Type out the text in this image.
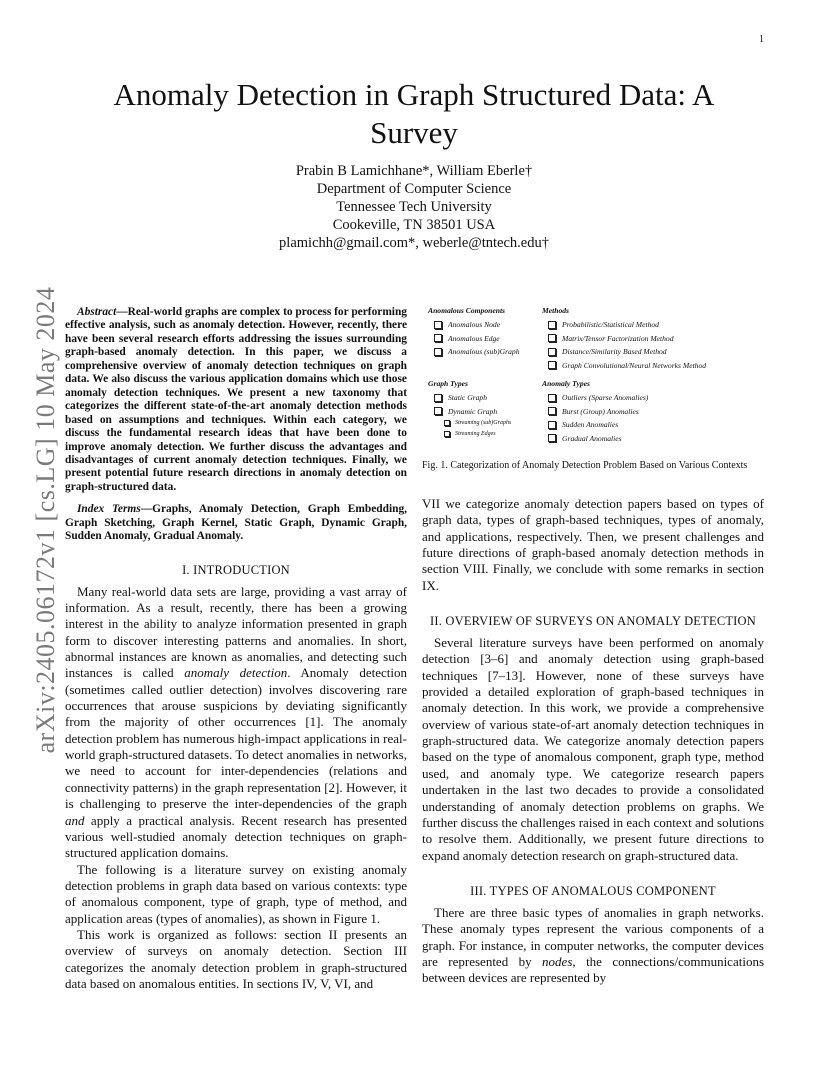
1
arXiv:2405.06172v1 [cs.LG] 10 May 2024
Anomaly Detection in Graph Structured Data: A Survey
Prabin B Lamichhane*, William Eberle†
Department of Computer Science
Tennessee Tech University
Cookeville, TN 38501 USA
plamichh@gmail.com*, weberle@tntech.edu†

Abstract—Real-world graphs are complex to process for performing effective analysis, such as anomaly detection. However, recently, there have been several research efforts addressing the issues surrounding graph-based anomaly detection. In this paper, we discuss a comprehensive overview of anomaly detection techniques on graph data. We also discuss the various application domains which use those anomaly detection techniques. We present a new taxonomy that categorizes the different state-of-the-art anomaly detection methods based on assumptions and techniques. Within each category, we discuss the fundamental research ideas that have been done to improve anomaly detection. We further discuss the advantages and disadvantages of current anomaly detection techniques. Finally, we present potential future research directions in anomaly detection on graph-structured data.

Index Terms—Graphs, Anomaly Detection, Graph Embedding, Graph Sketching, Graph Kernel, Static Graph, Dynamic Graph, Sudden Anomaly, Gradual Anomaly.

I. INTRODUCTION

Many real-world data sets are large, providing a vast array of information. As a result, recently, there has been a growing interest in the ability to analyze information presented in graph form to discover interesting patterns and anomalies. In short, abnormal instances are known as anomalies, and detecting such instances is called anomaly detection. Anomaly detection (sometimes called outlier detection) involves discovering rare occurrences that arouse suspicions by deviating significantly from the majority of other occurrences [1]. The anomaly detection problem has numerous high-impact applications in real-world graph-structured datasets. To detect anomalies in networks, we need to account for inter-dependencies (relations and connectivity patterns) in the graph representation [2]. However, it is challenging to preserve the inter-dependencies of the graph and apply a practical analysis. Recent research has presented various well-studied anomaly detection techniques on graph-structured application domains.

The following is a literature survey on existing anomaly detection problems in graph data based on various contexts: type of anomalous component, type of graph, type of method, and application areas (types of anomalies), as shown in Figure 1.

This work is organized as follows: section II presents an overview of surveys on anomaly detection. Section III categorizes the anomaly detection problem in graph-structured data based on anomalous entities. In sections IV, V, VI, and

Anomalous Components
Anomalous Node
Anomalous Edge
Anomalous (sub)Graph
Graph Types
Static Graph
Dynamic Graph
Streaming (sub)Graphs
Streaming Edges
Methods
Probabilistic/Statistical Method
Matrix/Tensor Factorization Method
Distance/Similarity Based Method
Graph Convolutional/Neural Networks Method
Anomaly Types
Outliers (Sparse Anomalies)
Burst (Group) Anomalies
Sudden Anomalies
Gradual Anomalies

Fig. 1. Categorization of Anomaly Detection Problem Based on Various Contexts

VII we categorize anomaly detection papers based on types of graph data, types of graph-based techniques, types of anomaly, and applications, respectively. Then, we present challenges and future directions of graph-based anomaly detection methods in section VIII. Finally, we conclude with some remarks in section IX.

II. OVERVIEW OF SURVEYS ON ANOMALY DETECTION

Several literature surveys have been performed on anomaly detection [3–6] and anomaly detection using graph-based techniques [7–13]. However, none of these surveys have provided a detailed exploration of graph-based techniques in anomaly detection. In this work, we provide a comprehensive overview of various state-of-art anomaly detection techniques in graph-structured data. We categorize anomaly detection papers based on the type of anomalous component, graph type, method used, and anomaly type. We categorize research papers undertaken in the last two decades to provide a consolidated understanding of anomaly detection problems on graphs. We further discuss the challenges raised in each context and solutions to resolve them. Additionally, we present future directions to expand anomaly detection research on graph-structured data.

III. TYPES OF ANOMALOUS COMPONENT

There are three basic types of anomalies in graph networks. These anomaly types represent the various components of a graph. For instance, in computer networks, the computer devices are represented by nodes, the connections/communications between devices are represented by
